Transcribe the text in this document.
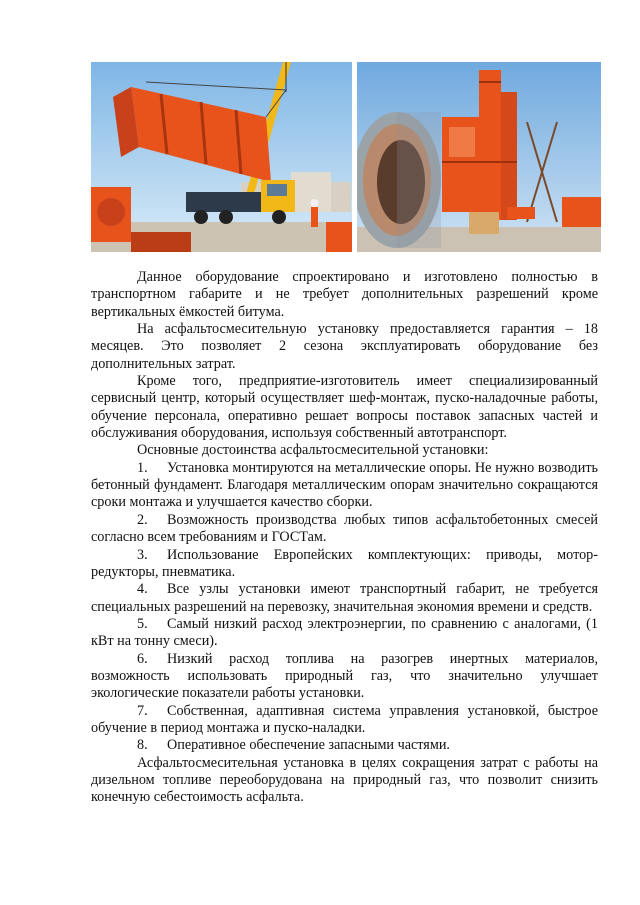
Данное оборудование спроектировано и изготовлено полностью в транспортном габарите и не требует дополнительных разрешений кроме вертикальных ёмкостей битума.

На асфальтосмесительную установку предоставляется гарантия – 18 месяцев. Это позволяет 2 сезона эксплуатировать оборудование без дополнительных затрат.

Кроме того, предприятие-изготовитель имеет специализированный сервисный центр, который осуществляет шеф-монтаж, пуско-наладочные работы, обучение персонала, оперативно решает вопросы поставок запасных частей и обслуживания оборудования, используя собственный автотранспорт.

Основные достоинства асфальтосмесительной установки:

1. Установка монтируются на металлические опоры. Не нужно возводить бетонный фундамент. Благодаря металлическим опорам значительно сокращаются сроки монтажа и улучшается качество сборки.
2. Возможность производства любых типов асфальтобетонных смесей согласно всем требованиям и ГОСТам.
3. Использование Европейских комплектующих: приводы, мотор-редукторы, пневматика.
4. Все узлы установки имеют транспортный габарит, не требуется специальных разрешений на перевозку, значительная экономия времени и средств.
5. Самый низкий расход электроэнергии, по сравнению с аналогами, (1 кВт на тонну смеси).
6. Низкий расход топлива на разогрев инертных материалов, возможность использовать природный газ, что значительно улучшает экологические показатели работы установки.
7. Собственная, адаптивная система управления установкой, быстрое обучение в период монтажа и пуско-наладки.
8. Оперативное обеспечение запасными частями.

Асфальтосмесительная установка в целях сокращения затрат с работы на дизельном топливе переоборудована на природный газ, что позволит снизить конечную себестоимость асфальта.
